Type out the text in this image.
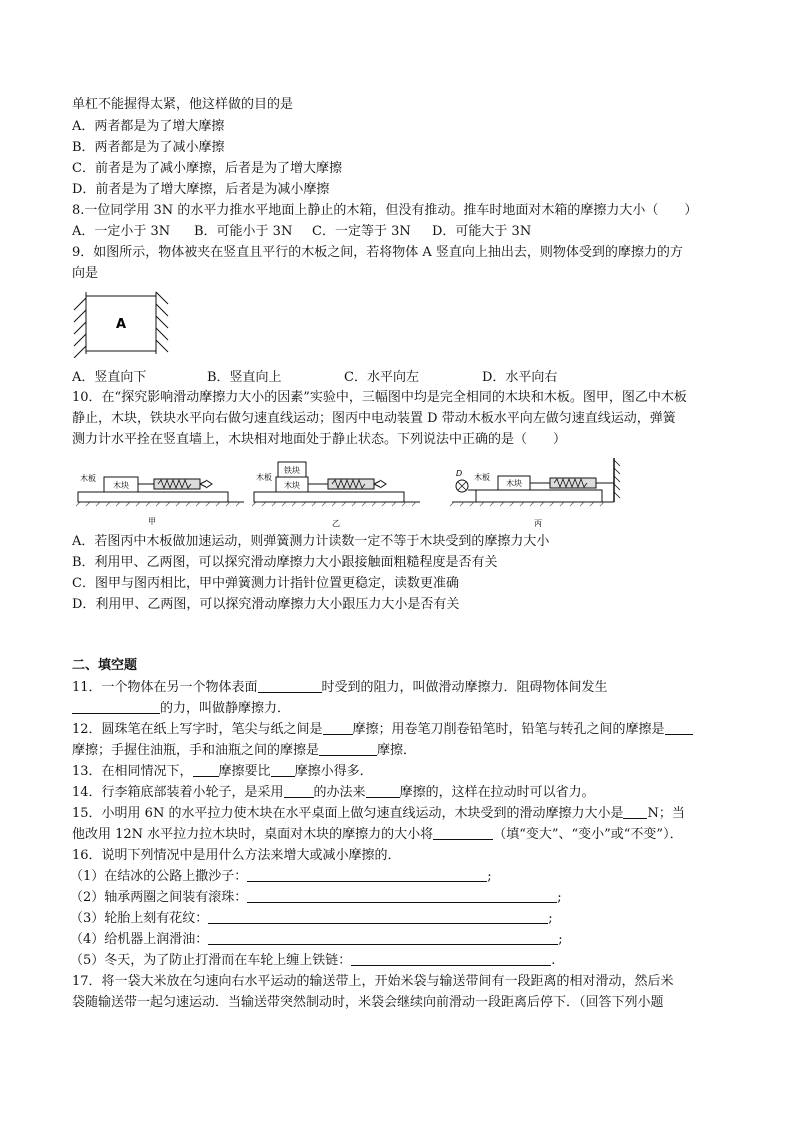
单杠不能握得太紧，他这样做的目的是
A．两者都是为了增大摩擦
B．两者都是为了减小摩擦
C．前者是为了减小摩擦，后者是为了增大摩擦
D．前者是为了增大摩擦，后者是为减小摩擦
8.一位同学用 3N 的水平力推水平地面上静止的木箱，但没有推动。推车时地面对木箱的摩擦力大小（　　）
A．一定小于 3N	B．可能小于 3N	C．一定等于 3N	D．可能大于 3N
9．如图所示，物体被夹在竖直且平行的木板之间，若将物体 A 竖直向上抽出去，则物体受到的摩擦力的方
向是
A
A．竖直向下	B．竖直向上	C．水平向左	D．水平向右
10．在“探究影响滑动摩擦力大小的因素”实验中，三幅图中均是完全相同的木块和木板。图甲，图乙中木板
静止，木块，铁块水平向右做匀速直线运动；图丙中电动装置 D 带动木板水平向左做匀速直线运动，弹簧
测力计水平拴在竖直墙上，木块相对地面处于静止状态。下列说法中正确的是（　　）
木板
木块
甲
木板
铁块
木块
乙
D 木板
木块
丙
A．若图丙中木板做加速运动，则弹簧测力计读数一定不等于木块受到的摩擦力大小
B．利用甲、乙两图，可以探究滑动摩擦力大小跟接触面粗糙程度是否有关
C．图甲与图丙相比，甲中弹簧测力计指针位置更稳定，读数更准确
D．利用甲、乙两图，可以探究滑动摩擦力大小跟压力大小是否有关
二、填空题
11．一个物体在另一个物体表面	时受到的阻力，叫做滑动摩擦力．阻碍物体间发生
的力，叫做静摩擦力．
12．圆珠笔在纸上写字时，笔尖与纸之间是 摩擦；用卷笔刀削卷铅笔时，铅笔与转孔之间的摩擦是
摩擦；手握住油瓶，手和油瓶之间的摩擦是	摩擦．
13．在相同情况下， 摩擦要比 摩擦小得多．
14．行李箱底部装着小轮子，是采用 的办法来	摩擦的，这样在拉动时可以省力。
15．小明用 6N 的水平拉力使木块在水平桌面上做匀速直线运动，木块受到的滑动摩擦力大小是 N；当
他改用 12N 水平拉力拉木块时，桌面对木块的摩擦力的大小将	（填“变大”、“变小”或“不变”）．
16．说明下列情况中是用什么方法来增大或减小摩擦的．
（1）在结冰的公路上撒沙子：	;
（2）轴承两圈之间装有滚珠：	;
（3）轮胎上刻有花纹：	;
（4）给机器上润滑油：	;
（5）冬天，为了防止打滑而在车轮上缠上铁链：	.
17．将一袋大米放在匀速向右水平运动的输送带上，开始米袋与输送带间有一段距离的相对滑动，然后米
袋随输送带一起匀速运动．当输送带突然制动时，米袋会继续向前滑动一段距离后停下．（回答下列小题
